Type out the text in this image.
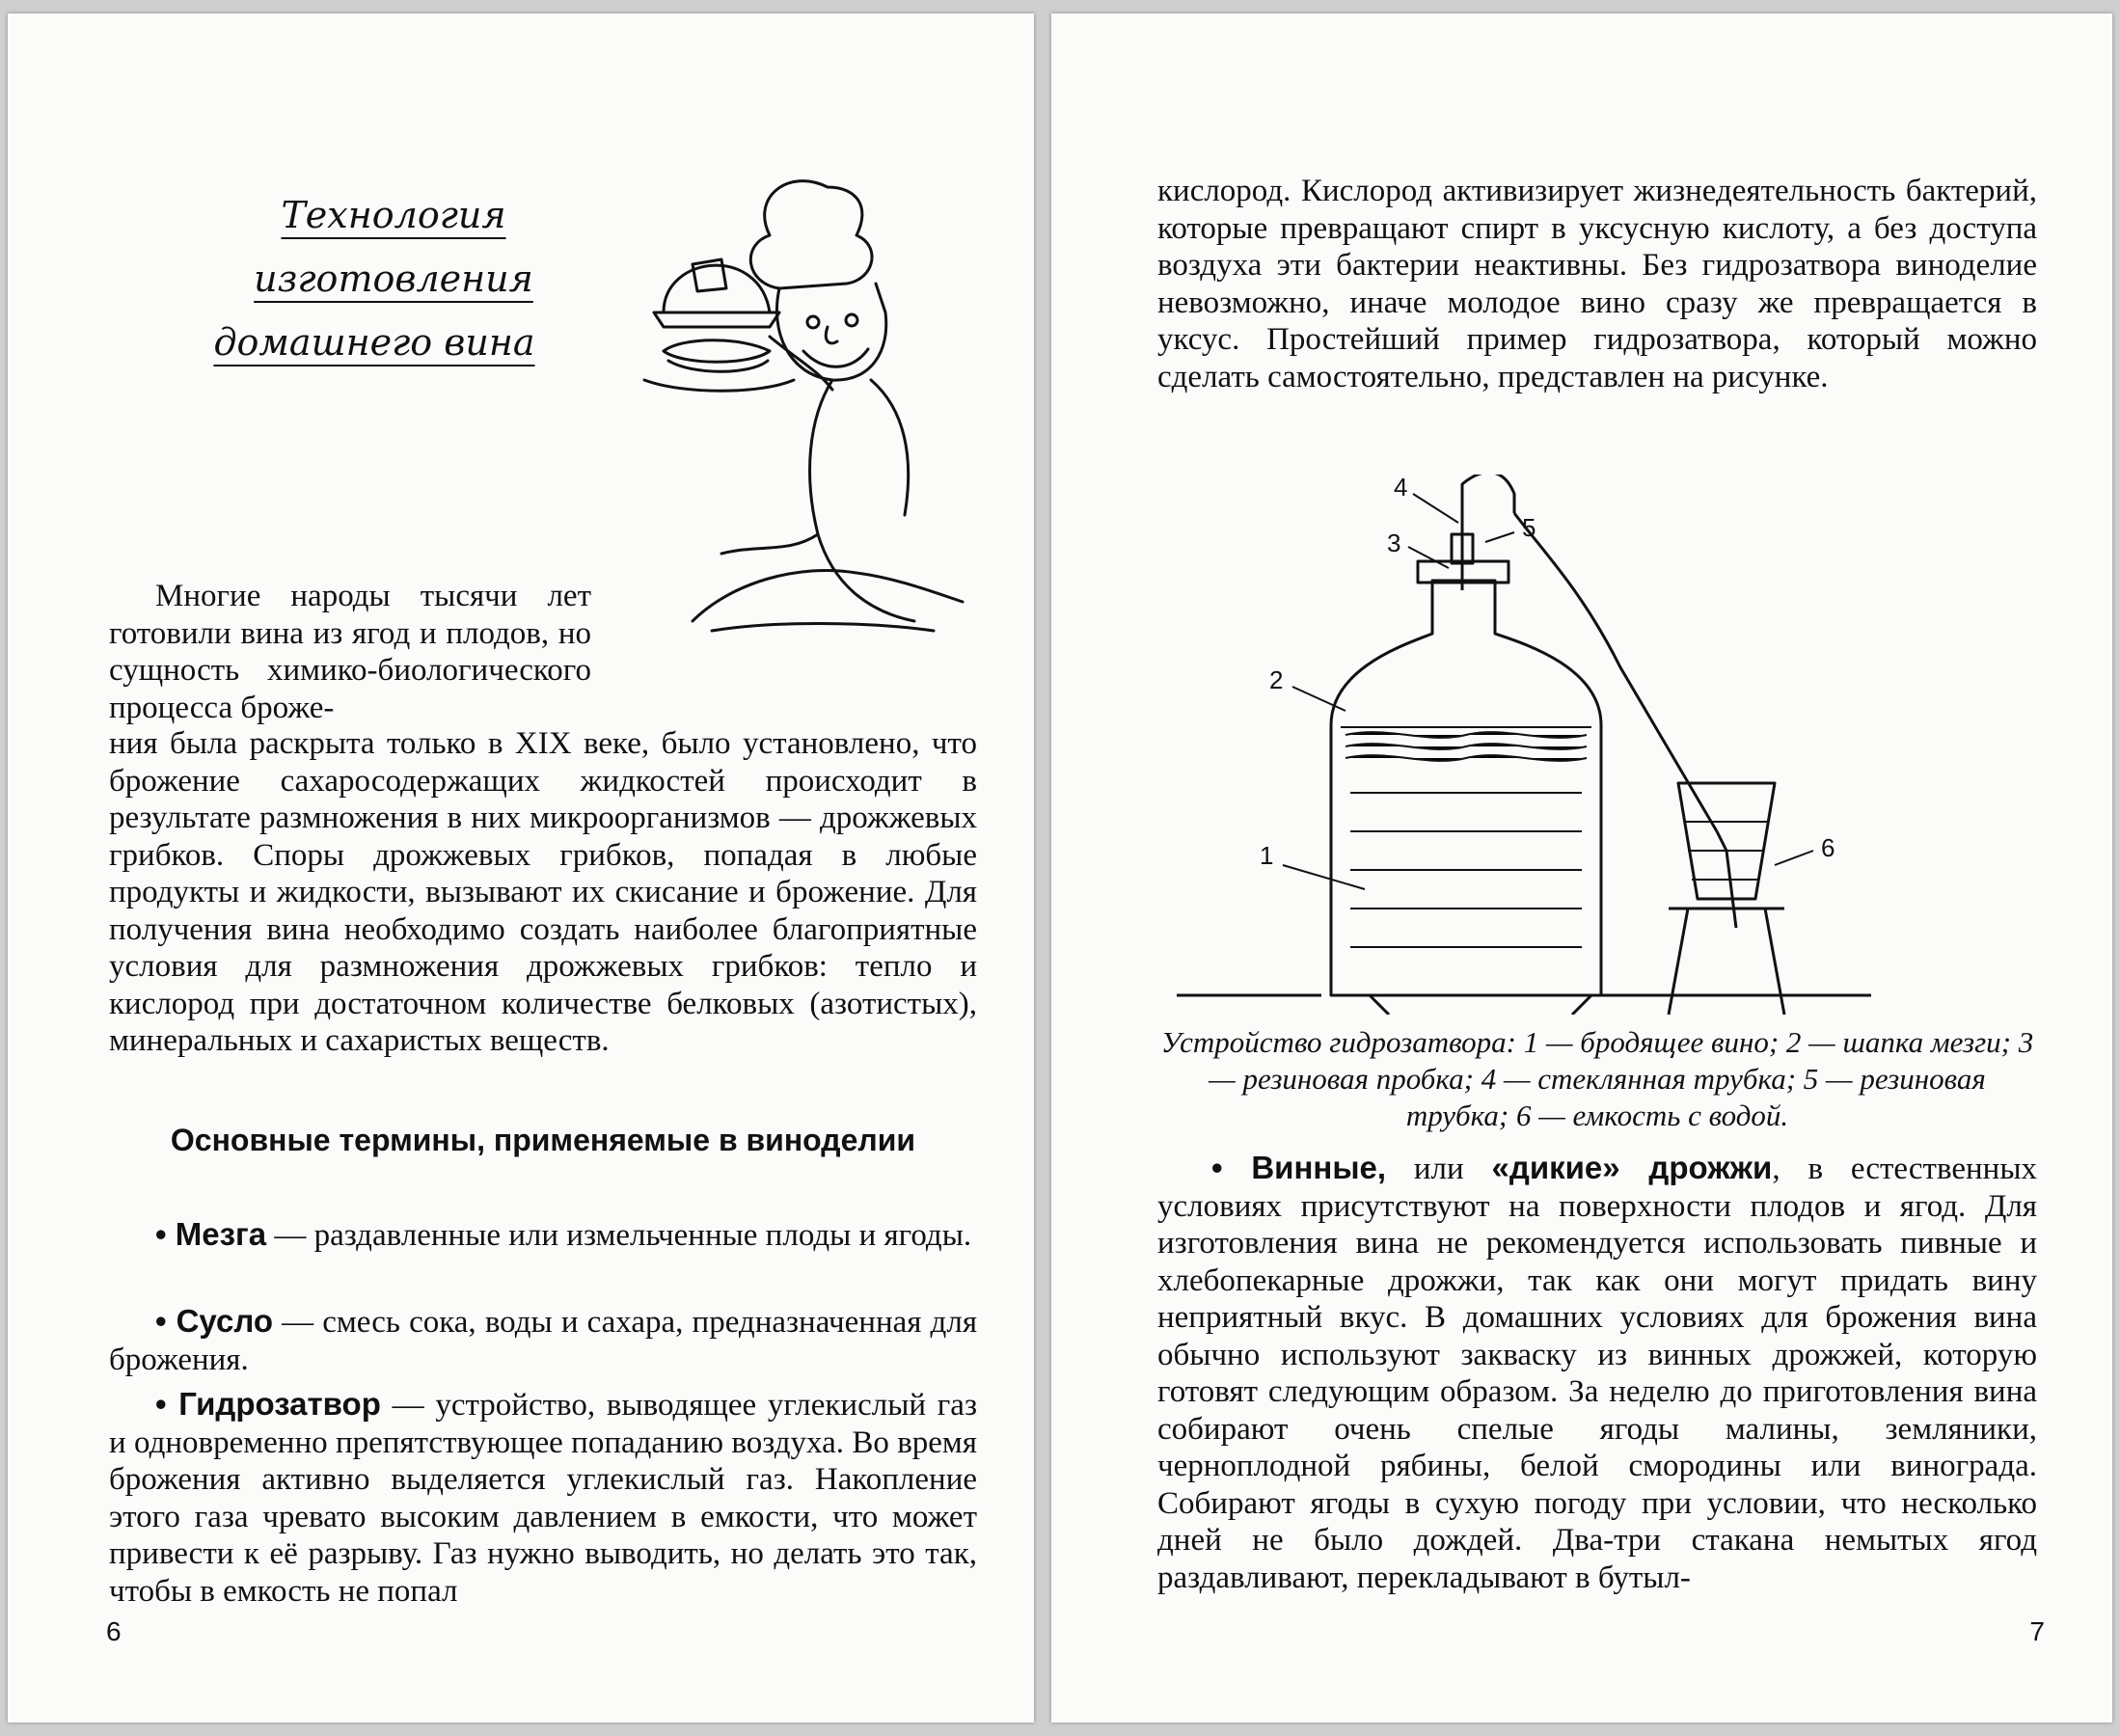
Технология
изготовления
домашнего вина
Многие народы тысячи лет готовили вина из ягод и плодов, но сущность химико-биологического процесса броже-
ния была раскрыта только в XIX веке, было установлено, что брожение сахаросодержащих жидкостей происходит в результате размножения в них микроорганизмов — дрожжевых грибков. Споры дрожжевых грибков, попадая в любые продукты и жидкости, вызывают их скисание и брожение. Для получения вина необходимо создать наиболее благоприятные условия для размножения дрожжевых грибков: тепло и кислород при достаточном количестве белковых (азотистых), минеральных и сахаристых веществ.
Основные термины, применяемые в виноделии
• Мезга — раздавленные или измельченные плоды и ягоды.
• Сусло — смесь сока, воды и сахара, предназначенная для брожения.
• Гидрозатвор — устройство, выводящее углекислый газ и одновременно препятствующее попаданию воздуха. Во время брожения активно выделяется углекислый газ. Накопление этого газа чревато высоким давлением в емкости, что может привести к её разрыву. Газ нужно выводить, но делать это так, чтобы в емкость не попал
6
кислород. Кислород активизирует жизнедеятельность бактерий, которые превращают спирт в уксусную кислоту, а без доступа воздуха эти бактерии неактивны. Без гидрозатвора виноделие невозможно, иначе молодое вино сразу же превращается в уксус. Простейший пример гидрозатвора, который можно сделать самостоятельно, представлен на рисунке.
1
2
3
4
5
6
Устройство гидрозатвора: 1 — бродящее вино; 2 — шапка мезги; 3 — резиновая пробка; 4 — стеклянная трубка; 5 — резиновая трубка; 6 — емкость с водой.
• Винные, или «дикие» дрожжи, в естественных условиях присутствуют на поверхности плодов и ягод. Для изготовления вина не рекомендуется использовать пивные и хлебопекарные дрожжи, так как они могут придать вину неприятный вкус. В домашних условиях для брожения вина обычно используют закваску из винных дрожжей, которую готовят следующим образом. За неделю до приготовления вина собирают очень спелые ягоды малины, земляники, черноплодной рябины, белой смородины или винограда. Собирают ягоды в сухую погоду при условии, что несколько дней не было дождей. Два-три стакана немытых ягод раздавливают, перекладывают в бутыл-
7
